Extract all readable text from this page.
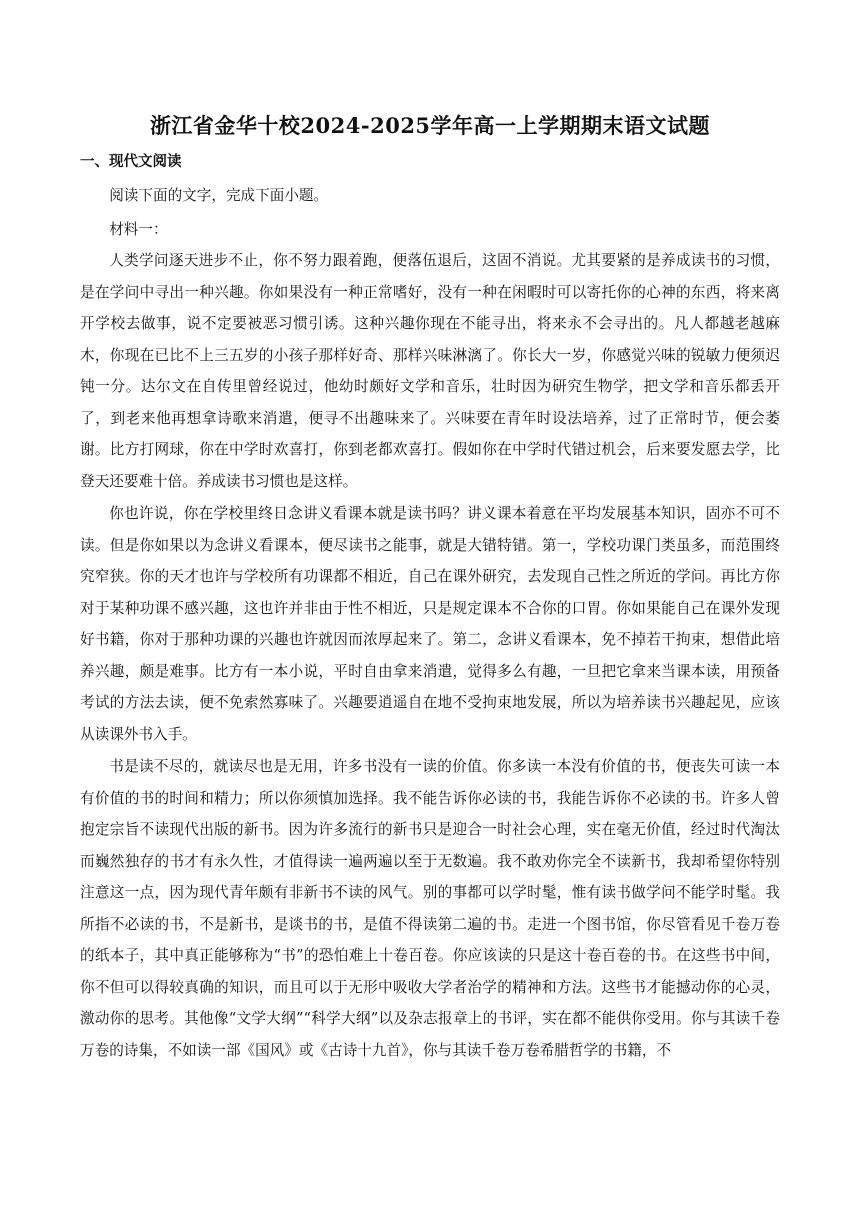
浙江省金华十校2024-2025学年高一上学期期末语文试题
一、现代文阅读

阅读下面的文字，完成下面小题。

材料一：

人类学问逐天进步不止，你不努力跟着跑，便落伍退后，这固不消说。尤其要紧的是养成读书的习惯，是在学问中寻出一种兴趣。你如果没有一种正常嗜好，没有一种在闲暇时可以寄托你的心神的东西，将来离开学校去做事，说不定要被恶习惯引诱。这种兴趣你现在不能寻出，将来永不会寻出的。凡人都越老越麻木，你现在已比不上三五岁的小孩子那样好奇、那样兴味淋漓了。你长大一岁，你感觉兴味的锐敏力便须迟钝一分。达尔文在自传里曾经说过，他幼时颇好文学和音乐，壮时因为研究生物学，把文学和音乐都丢开了，到老来他再想拿诗歌来消遣，便寻不出趣味来了。兴味要在青年时设法培养，过了正常时节，便会萎谢。比方打网球，你在中学时欢喜打，你到老都欢喜打。假如你在中学时代错过机会，后来要发愿去学，比登天还要难十倍。养成读书习惯也是这样。

你也许说，你在学校里终日念讲义看课本就是读书吗？讲义课本着意在平均发展基本知识，固亦不可不读。但是你如果以为念讲义看课本，便尽读书之能事，就是大错特错。第一，学校功课门类虽多，而范围终究窄狭。你的天才也许与学校所有功课都不相近，自己在课外研究，去发现自己性之所近的学问。再比方你对于某种功课不感兴趣，这也许并非由于性不相近，只是规定课本不合你的口胃。你如果能自己在课外发现好书籍，你对于那种功课的兴趣也许就因而浓厚起来了。第二，念讲义看课本，免不掉若干拘束，想借此培养兴趣，颇是难事。比方有一本小说，平时自由拿来消遣，觉得多么有趣，一旦把它拿来当课本读，用预备考试的方法去读，便不免索然寡味了。兴趣要逍遥自在地不受拘束地发展，所以为培养读书兴趣起见，应该从读课外书入手。

书是读不尽的，就读尽也是无用，许多书没有一读的价值。你多读一本没有价值的书，便丧失可读一本有价值的书的时间和精力；所以你须慎加选择。我不能告诉你必读的书，我能告诉你不必读的书。许多人曾抱定宗旨不读现代出版的新书。因为许多流行的新书只是迎合一时社会心理，实在毫无价值，经过时代淘汰而巍然独存的书才有永久性，才值得读一遍两遍以至于无数遍。我不敢劝你完全不读新书，我却希望你特别注意这一点，因为现代青年颇有非新书不读的风气。别的事都可以学时髦，惟有读书做学问不能学时髦。我所指不必读的书，不是新书，是谈书的书，是值不得读第二遍的书。走进一个图书馆，你尽管看见千卷万卷的纸本子，其中真正能够称为“书”的恐怕难上十卷百卷。你应该读的只是这十卷百卷的书。在这些书中间，你不但可以得较真确的知识，而且可以于无形中吸收大学者治学的精神和方法。这些书才能撼动你的心灵，激动你的思考。其他像“文学大纲”“科学大纲”以及杂志报章上的书评，实在都不能供你受用。你与其读千卷万卷的诗集，不如读一部《国风》或《古诗十九首》，你与其读千卷万卷希腊哲学的书籍，不
